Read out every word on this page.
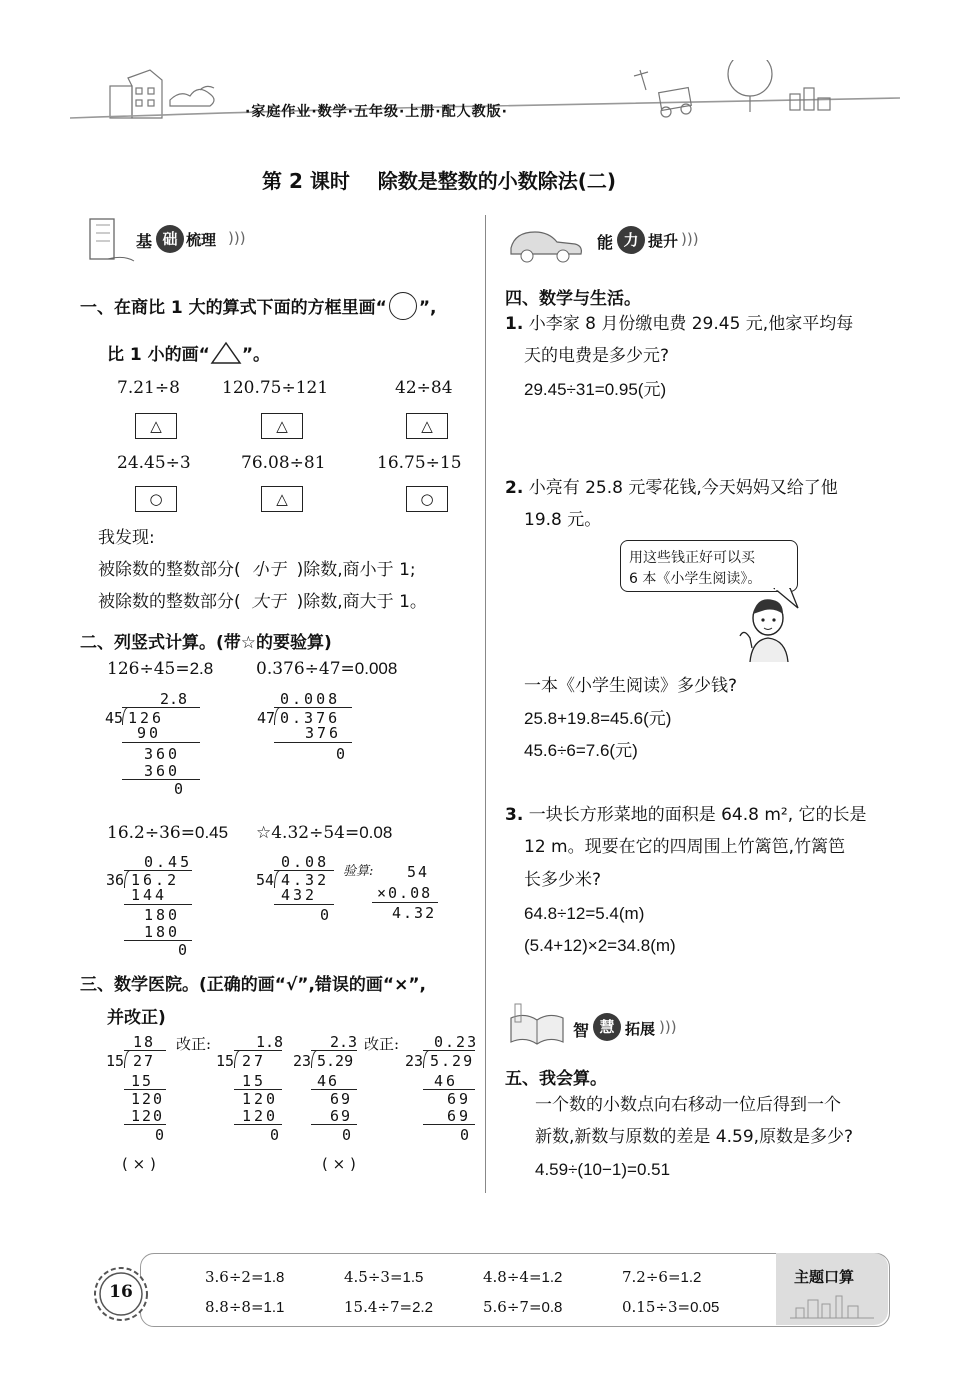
·家庭作业·数学·五年级·上册·配人教版·
第 2 课时    除数是整数的小数除法(二)
基 础 梳理 )))
一、在商比 1 大的算式下面的方框里画“ ”,
比 1 小的画“ ”。
7.21÷8 120.75÷121	42÷84
△	△	△
24.45÷3	76.08÷81	16.75÷15
○	△	○
我发现:
被除数的整数部分( 小于 )除数,商小于 1;
被除数的整数部分( 大于 )除数,商大于 1。
二、列竖式计算。(带☆的要验算)
126÷45=2.8
2.8
45 126
90
360
360
0
0.376÷47=0.008
0.008
47 0.376
376
0
16.2÷36=0.45
0.45
36 16.2
144
180
180
0
☆4.32÷54=0.08
0.08
54 4.32
432
0
验算: 54
×0.08
4.32
三、数学医院。(正确的画“√”,错误的画“×”,
并改正)
18
15 27
15
120
120
0
( × )
改正:	1.8
15 27
15
120
120
0
2.3
23 5.29
46
69
69
0
( × )
改正: 0.23
23 5.29
46
69
69
0
能 力 提升 )))
四、数学与生活。
1. 小李家 8 月份缴电费 29.45 元,他家平均每
天的电费是多少元?
29.45÷31=0.95(元)
2. 小亮有 25.8 元零花钱,今天妈妈又给了他
19.8 元。
用这些钱正好可以买
6 本《小学生阅读》。
一本《小学生阅读》多少钱?
25.8+19.8=45.6(元)
45.6÷6=7.6(元)
3. 一块长方形菜地的面积是 64.8 m², 它的长是
12 m。现要在它的四周围上竹篱笆,竹篱笆
长多少米?
64.8÷12=5.4(m)
(5.4+12)×2=34.8(m)
智 慧 拓展 )))
五、我会算。
一个数的小数点向右移动一位后得到一个
新数,新数与原数的差是 4.59,原数是多少?
4.59÷(10−1)=0.51
主题口算
16
3.6÷2=1.8	4.5÷3=1.5	4.8÷4=1.2	7.2÷6=1.2
8.8÷8=1.1	15.4÷7=2.2	5.6÷7=0.8	0.15÷3=0.05
